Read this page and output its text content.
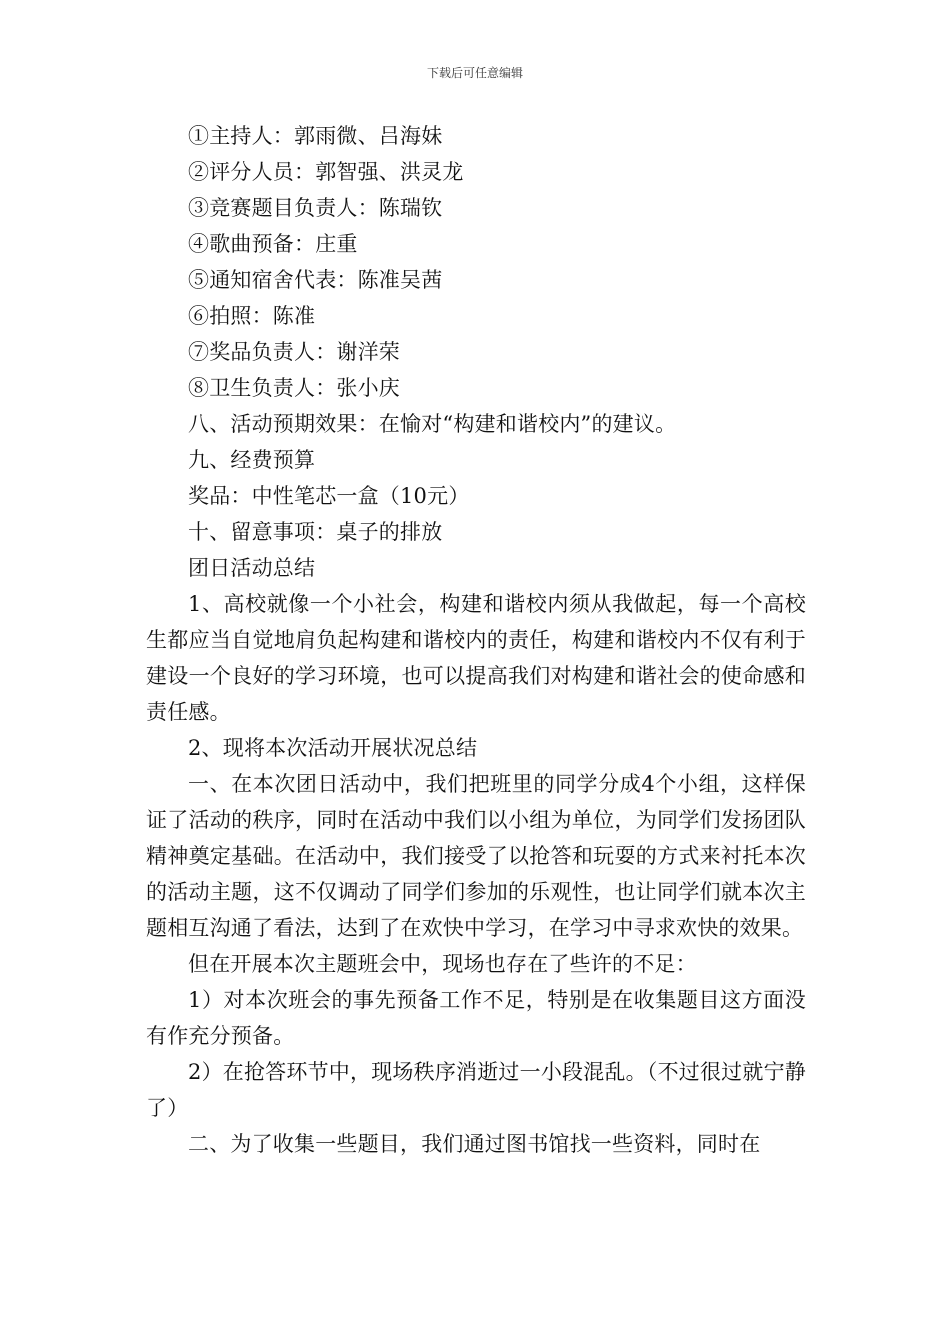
下载后可任意编辑

①主持人：郭雨微、吕海妹

②评分人员：郭智强、洪灵龙

③竞赛题目负责人：陈瑞钦

④歌曲预备：庄重

⑤通知宿舍代表：陈准吴茜

⑥拍照：陈准

⑦奖品负责人：谢洋荣

⑧卫生负责人：张小庆

八、活动预期效果：在愉对“构建和谐校内”的建议。

九、经费预算

奖品：中性笔芯一盒（10元）

十、留意事项：桌子的排放

团日活动总结

1、高校就像一个小社会，构建和谐校内须从我做起，每一个高校生都应当自觉地肩负起构建和谐校内的责任，构建和谐校内不仅有利于建设一个良好的学习环境，也可以提高我们对构建和谐社会的使命感和责任感。

2、现将本次活动开展状况总结

一、在本次团日活动中，我们把班里的同学分成4个小组，这样保证了活动的秩序，同时在活动中我们以小组为单位，为同学们发扬团队精神奠定基础。在活动中，我们接受了以抢答和玩耍的方式来衬托本次的活动主题，这不仅调动了同学们参加的乐观性，也让同学们就本次主题相互沟通了看法，达到了在欢快中学习，在学习中寻求欢快的效果。

但在开展本次主题班会中，现场也存在了些许的不足：

1）对本次班会的事先预备工作不足，特别是在收集题目这方面没有作充分预备。

2）在抢答环节中，现场秩序消逝过一小段混乱。（不过很过就宁静了）

二、为了收集一些题目，我们通过图书馆找一些资料，同时在
